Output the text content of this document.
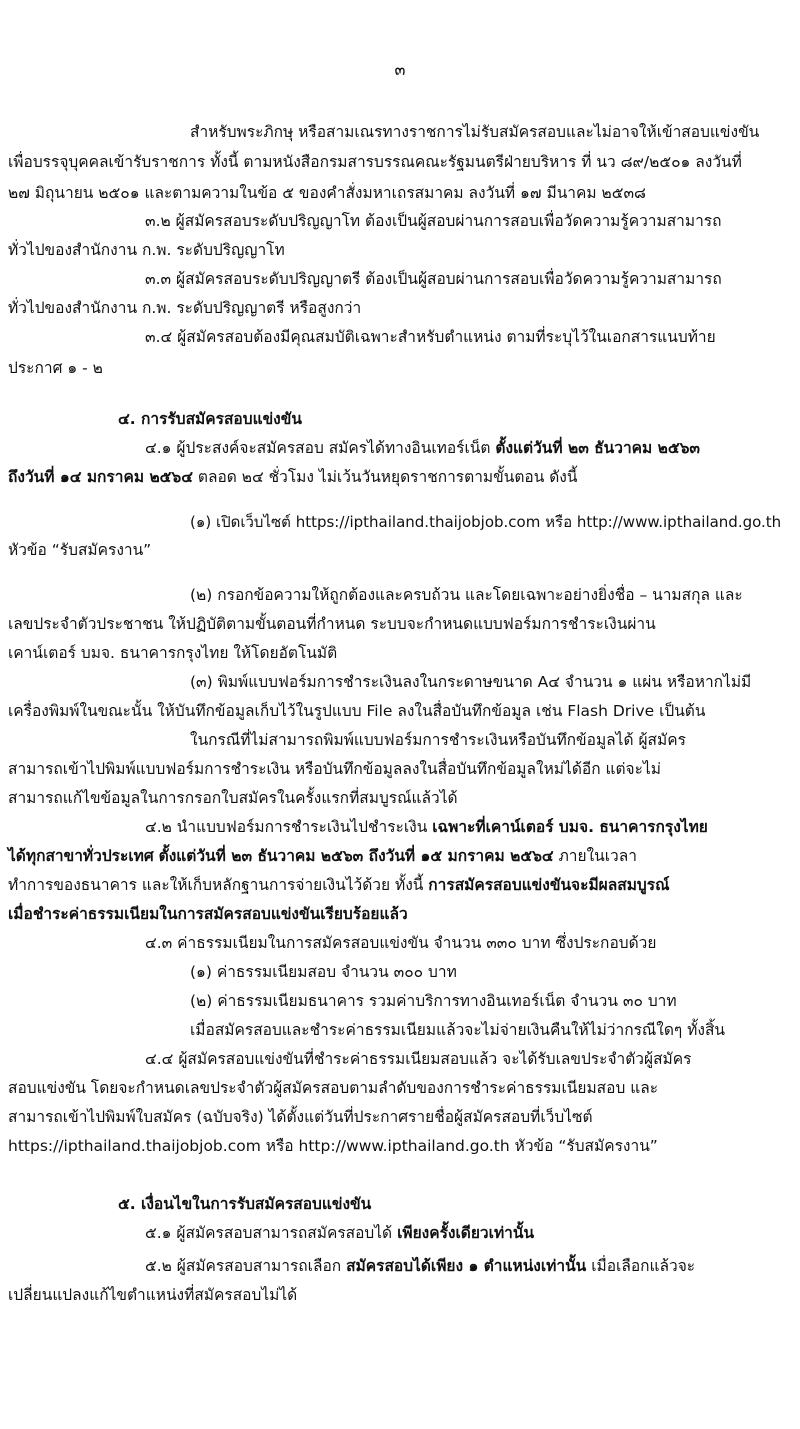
๓
สำหรับพระภิกษุ หรือสามเณรทางราชการไม่รับสมัครสอบและไม่อาจให้เข้าสอบแข่งขัน
เพื่อบรรจุบุคคลเข้ารับราชการ ทั้งนี้ ตามหนังสือกรมสารบรรณคณะรัฐมนตรีฝ่ายบริหาร ที่ นว ๘๙/๒๕๐๑ ลงวันที่
๒๗ มิถุนายน ๒๕๐๑ และตามความในข้อ ๕ ของคำสั่งมหาเถรสมาคม ลงวันที่ ๑๗ มีนาคม ๒๕๓๘
๓.๒ ผู้สมัครสอบระดับปริญญาโท ต้องเป็นผู้สอบผ่านการสอบเพื่อวัดความรู้ความสามารถ
ทั่วไปของสำนักงาน ก.พ. ระดับปริญญาโท
๓.๓ ผู้สมัครสอบระดับปริญญาตรี ต้องเป็นผู้สอบผ่านการสอบเพื่อวัดความรู้ความสามารถ
ทั่วไปของสำนักงาน ก.พ. ระดับปริญญาตรี หรือสูงกว่า
๓.๔ ผู้สมัครสอบต้องมีคุณสมบัติเฉพาะสำหรับตำแหน่ง ตามที่ระบุไว้ในเอกสารแนบท้าย
ประกาศ ๑ - ๒
๔. การรับสมัครสอบแข่งขัน
๔.๑ ผู้ประสงค์จะสมัครสอบ สมัครได้ทางอินเทอร์เน็ต ตั้งแต่วันที่ ๒๓ ธันวาคม ๒๕๖๓
ถึงวันที่ ๑๔ มกราคม ๒๕๖๔ ตลอด ๒๔ ชั่วโมง ไม่เว้นวันหยุดราชการตามขั้นตอน ดังนี้
(๑) เปิดเว็บไซต์ https://ipthailand.thaijobjob.com หรือ http://www.ipthailand.go.th
หัวข้อ “รับสมัครงาน”
(๒) กรอกข้อความให้ถูกต้องและครบถ้วน และโดยเฉพาะอย่างยิ่งชื่อ – นามสกุล และ
เลขประจำตัวประชาชน ให้ปฏิบัติตามขั้นตอนที่กำหนด ระบบจะกำหนดแบบฟอร์มการชำระเงินผ่าน
เคาน์เตอร์ บมจ. ธนาคารกรุงไทย ให้โดยอัตโนมัติ
(๓) พิมพ์แบบฟอร์มการชำระเงินลงในกระดาษขนาด A๔ จำนวน ๑ แผ่น หรือหากไม่มี
เครื่องพิมพ์ในขณะนั้น ให้บันทึกข้อมูลเก็บไว้ในรูปแบบ File ลงในสื่อบันทึกข้อมูล เช่น Flash Drive เป็นต้น
ในกรณีที่ไม่สามารถพิมพ์แบบฟอร์มการชำระเงินหรือบันทึกข้อมูลได้ ผู้สมัคร
สามารถเข้าไปพิมพ์แบบฟอร์มการชำระเงิน หรือบันทึกข้อมูลลงในสื่อบันทึกข้อมูลใหม่ได้อีก แต่จะไม่
สามารถแก้ไขข้อมูลในการกรอกใบสมัครในครั้งแรกที่สมบูรณ์แล้วได้
๔.๒ นำแบบฟอร์มการชำระเงินไปชำระเงิน เฉพาะที่เคาน์เตอร์ บมจ. ธนาคารกรุงไทย
ได้ทุกสาขาทั่วประเทศ ตั้งแต่วันที่ ๒๓ ธันวาคม ๒๕๖๓ ถึงวันที่ ๑๕ มกราคม ๒๕๖๔ ภายในเวลา
ทำการของธนาคาร และให้เก็บหลักฐานการจ่ายเงินไว้ด้วย ทั้งนี้ การสมัครสอบแข่งขันจะมีผลสมบูรณ์
เมื่อชำระค่าธรรมเนียมในการสมัครสอบแข่งขันเรียบร้อยแล้ว
๔.๓ ค่าธรรมเนียมในการสมัครสอบแข่งขัน จำนวน ๓๓๐ บาท ซึ่งประกอบด้วย
(๑) ค่าธรรมเนียมสอบ จำนวน ๓๐๐ บาท
(๒) ค่าธรรมเนียมธนาคาร รวมค่าบริการทางอินเทอร์เน็ต จำนวน ๓๐ บาท
เมื่อสมัครสอบและชำระค่าธรรมเนียมแล้วจะไม่จ่ายเงินคืนให้ไม่ว่ากรณีใดๆ ทั้งสิ้น
๔.๔ ผู้สมัครสอบแข่งขันที่ชำระค่าธรรมเนียมสอบแล้ว จะได้รับเลขประจำตัวผู้สมัคร
สอบแข่งขัน โดยจะกำหนดเลขประจำตัวผู้สมัครสอบตามลำดับของการชำระค่าธรรมเนียมสอบ และ
สามารถเข้าไปพิมพ์ใบสมัคร (ฉบับจริง) ได้ตั้งแต่วันที่ประกาศรายชื่อผู้สมัครสอบที่เว็บไซต์
https://ipthailand.thaijobjob.com หรือ http://www.ipthailand.go.th หัวข้อ “รับสมัครงาน”
๕. เงื่อนไขในการรับสมัครสอบแข่งขัน
๕.๑ ผู้สมัครสอบสามารถสมัครสอบได้ เพียงครั้งเดียวเท่านั้น
๕.๒ ผู้สมัครสอบสามารถเลือก สมัครสอบได้เพียง ๑ ตำแหน่งเท่านั้น เมื่อเลือกแล้วจะ
เปลี่ยนแปลงแก้ไขตำแหน่งที่สมัครสอบไม่ได้
